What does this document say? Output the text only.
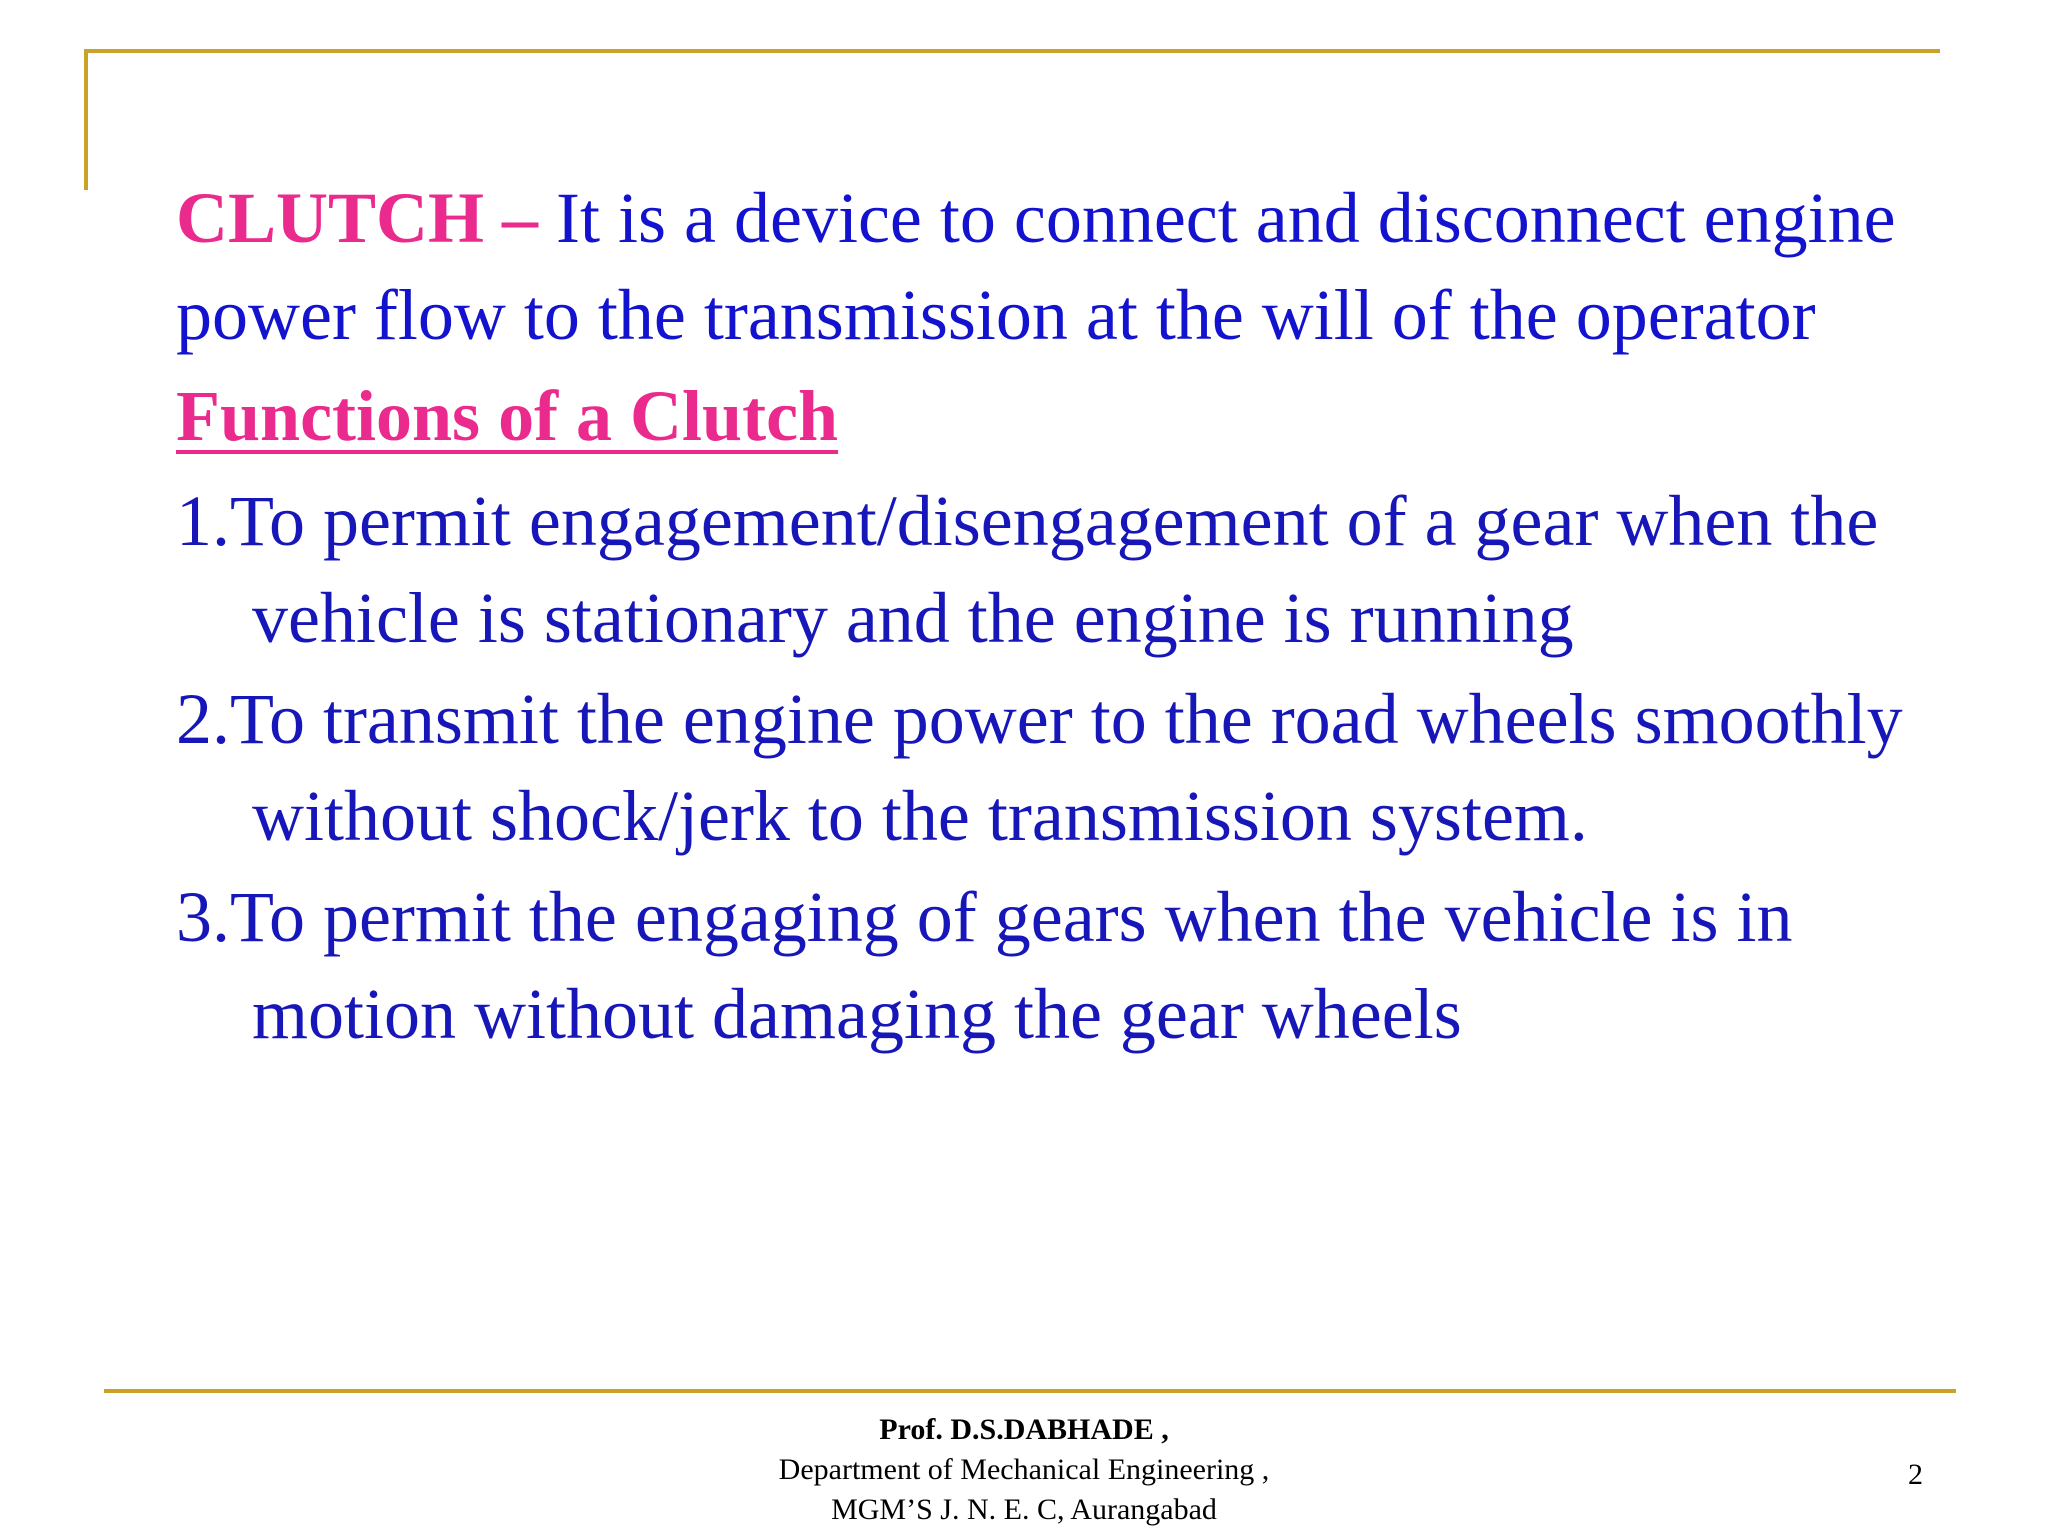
CLUTCH – It is a device to connect and disconnect engine power flow to the transmission at the will of the operator

Functions of a Clutch

1.To permit engagement/disengagement of a gear when the vehicle is stationary and the engine is running

2.To transmit the engine power to the road wheels smoothly without shock/jerk to the transmission system.

3.To permit the engaging of gears when the vehicle is in motion without damaging the gear wheels

Prof. D.S.DABHADE ,
Department of Mechanical Engineering ,
MGM’S J. N. E. C, Aurangabad
2
